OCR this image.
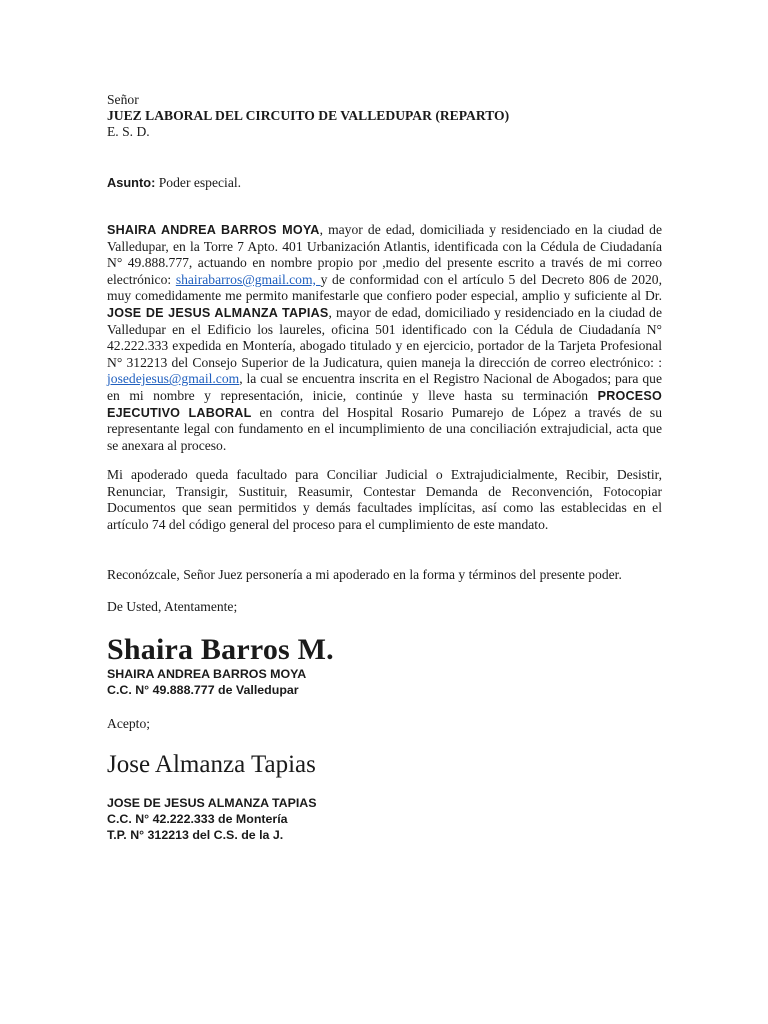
Señor
JUEZ LABORAL DEL CIRCUITO DE VALLEDUPAR (REPARTO)
E. S. D.
Asunto: Poder especial.
SHAIRA ANDREA BARROS MOYA, mayor de edad, domiciliada y residenciado en la ciudad de Valledupar, en la Torre 7 Apto. 401 Urbanización Atlantis, identificada con la Cédula de Ciudadanía N° 49.888.777, actuando en nombre propio por ,medio del presente escrito a través de mi correo electrónico: shairabarros@gmail.com, y de conformidad con el artículo 5 del Decreto 806 de 2020, muy comedidamente me permito manifestarle que confiero poder especial, amplio y suficiente al Dr. JOSE DE JESUS ALMANZA TAPIAS, mayor de edad, domiciliado y residenciado en la ciudad de Valledupar en el Edificio los laureles, oficina 501 identificado con la Cédula de Ciudadanía N° 42.222.333 expedida en Montería, abogado titulado y en ejercicio, portador de la Tarjeta Profesional N° 312213 del Consejo Superior de la Judicatura, quien maneja la dirección de correo electrónico: : josedejesus@gmail.com, la cual se encuentra inscrita en el Registro Nacional de Abogados; para que en mi nombre y representación, inicie, continúe y lleve hasta su terminación PROCESO EJECUTIVO LABORAL en contra del Hospital Rosario Pumarejo de López a través de su representante legal con fundamento en el incumplimiento de una conciliación extrajudicial, acta que se anexara al proceso.
Mi apoderado queda facultado para Conciliar Judicial o Extrajudicialmente, Recibir, Desistir, Renunciar, Transigir, Sustituir, Reasumir, Contestar Demanda de Reconvención, Fotocopiar Documentos que sean permitidos y demás facultades implícitas, así como las establecidas en el artículo 74 del código general del proceso para el cumplimiento de este mandato.
Reconózcale, Señor Juez personería a mi apoderado en la forma y términos del presente poder.
De Usted, Atentamente;
Shaira Barros M.
SHAIRA ANDREA BARROS MOYA
C.C. N° 49.888.777 de Valledupar
Acepto;
Jose Almanza Tapias
JOSE DE JESUS ALMANZA TAPIAS
C.C. N° 42.222.333 de Montería
T.P. N° 312213 del C.S. de la J.
